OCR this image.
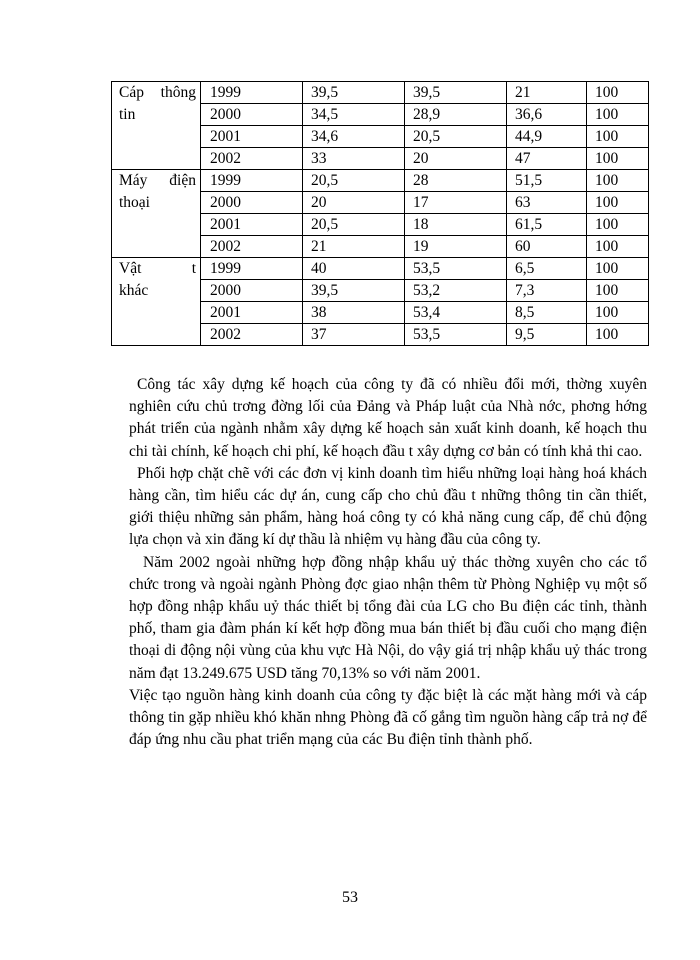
Cáp thông
tin	1999	39,5	39,5	21	100
	2000	34,5	28,9	36,6	100
	2001	34,6	20,5	44,9	100
	2002	33	20	47	100

Máy điện
thoại	1999	20,5	28	51,5	100
	2000	20	17	63	100
	2001	20,5	18	61,5	100
	2002	21	19	60	100

Vật t
khác	1999	40	53,5	6,5	100
	2000	39,5	53,2	7,3	100
	2001	38	53,4	8,5	100
	2002	37	53,5	9,5	100

Công tác xây dựng kế hoạch của công ty đã có nhiều đổi mới, thờng xuyên nghiên cứu chủ trơng đờng lối của Đảng và Pháp luật của Nhà nớc, phơng hớng phát triển của ngành nhằm xây dựng kế hoạch sản xuất kinh doanh, kế hoạch thu chi tài chính, kế hoạch chi phí, kế hoạch đầu t xây dựng cơ bản có tính khả thi cao.

Phối hợp chặt chẽ với các đơn vị kinh doanh tìm hiểu những loại hàng hoá khách hàng cần, tìm hiểu các dự án, cung cấp cho chủ đầu t những thông tin cần thiết, giới thiệu những sản phẩm, hàng hoá công ty có khả năng cung cấp, để chủ động lựa chọn và xin đăng kí dự thầu là nhiệm vụ hàng đầu của công ty.

Năm 2002 ngoài những hợp đồng nhập khẩu uỷ thác thờng xuyên cho các tổ chức trong và ngoài ngành Phòng đợc giao nhận thêm từ Phòng Nghiệp vụ một số hợp đồng nhập khẩu uỷ thác thiết bị tổng đài của LG cho Bu điện các tỉnh, thành phố, tham gia đàm phán kí kết hợp đồng mua bán thiết bị đầu cuối cho mạng điện thoại di động nội vùng của khu vực Hà Nội, do vậy giá trị nhập khẩu uỷ thác trong năm đạt 13.249.675 USD tăng 70,13% so với năm 2001.

Việc tạo nguồn hàng kinh doanh của công ty đặc biệt là các mặt hàng mới và cáp thông tin gặp nhiều khó khăn nhng Phòng đã cố gắng tìm nguồn hàng cấp trả nợ để đáp ứng nhu cầu phat triển mạng của các Bu điện tỉnh thành phố.

53
